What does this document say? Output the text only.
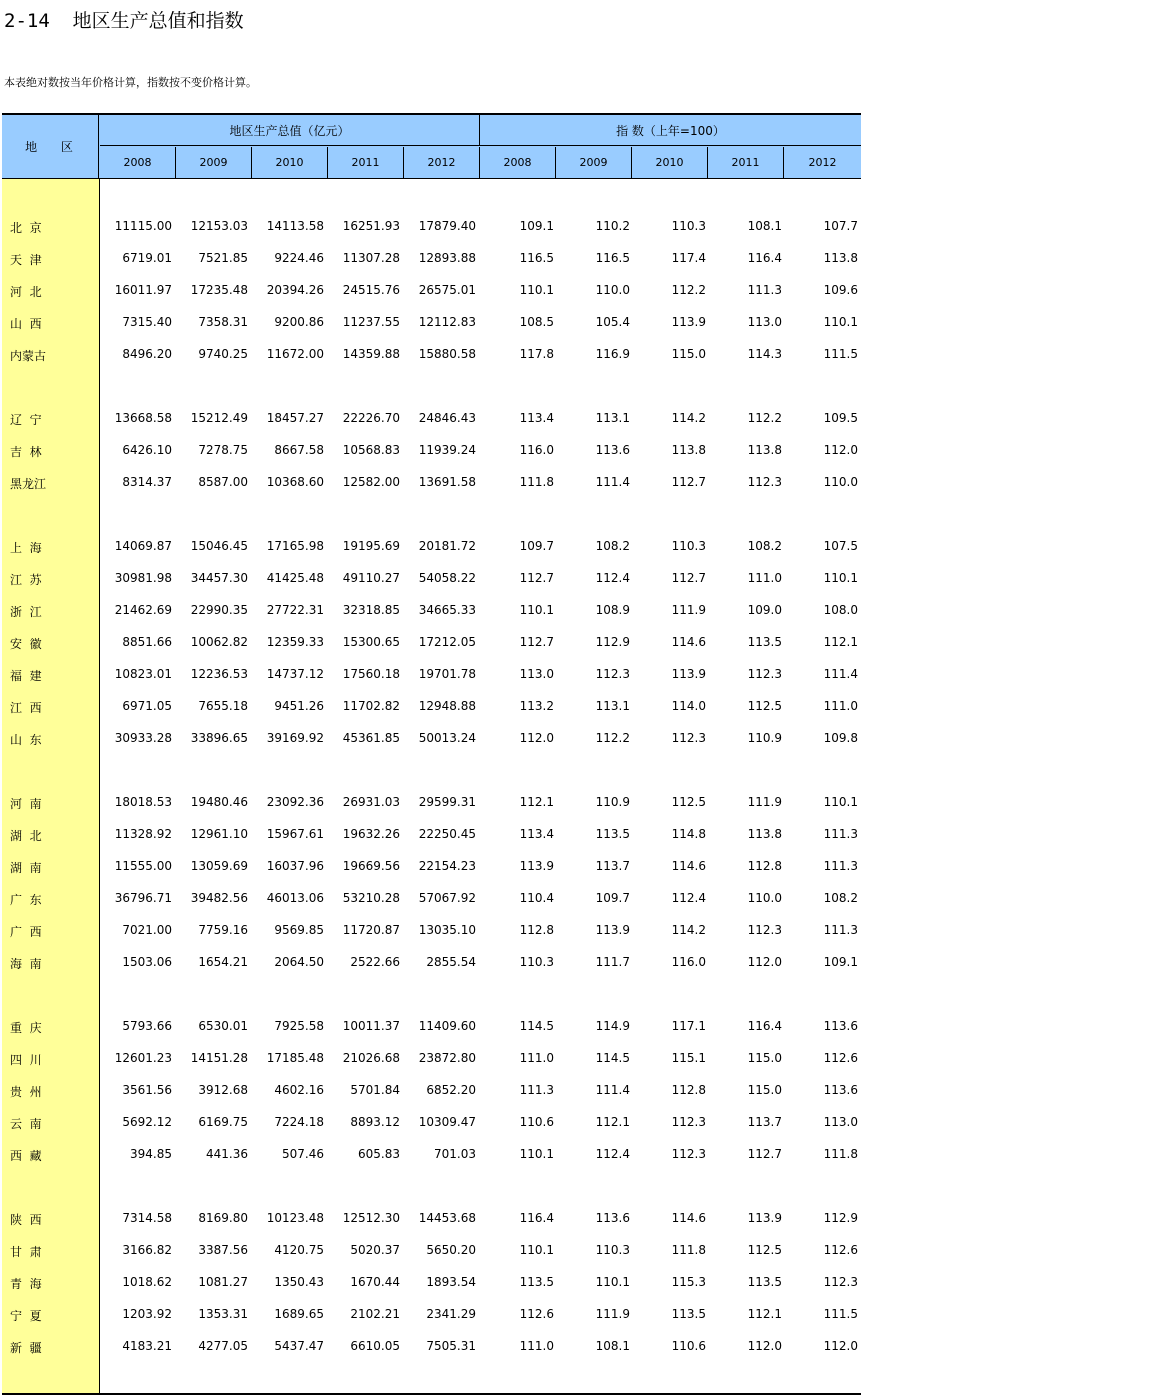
2-14  地区生产总值和指数
本表绝对数按当年价格计算，指数按不变价格计算。
地 区
地区生产总值（亿元）	指 数（上年=100）
2008	2009	2010	2011	2012	2008	2009	2010	2011	2012
北  京	11115.00	12153.03	14113.58	16251.93	17879.40	109.1	110.2	110.3	108.1	107.7
天  津	6719.01	7521.85	9224.46	11307.28	12893.88	116.5	116.5	117.4	116.4	113.8
河  北	16011.97	17235.48	20394.26	24515.76	26575.01	110.1	110.0	112.2	111.3	109.6
山  西	7315.40	7358.31	9200.86	11237.55	12112.83	108.5	105.4	113.9	113.0	110.1
内蒙古	8496.20	9740.25	11672.00	14359.88	15880.58	117.8	116.9	115.0	114.3	111.5
辽  宁	13668.58	15212.49	18457.27	22226.70	24846.43	113.4	113.1	114.2	112.2	109.5
吉  林	6426.10	7278.75	8667.58	10568.83	11939.24	116.0	113.6	113.8	113.8	112.0
黑龙江	8314.37	8587.00	10368.60	12582.00	13691.58	111.8	111.4	112.7	112.3	110.0
上  海	14069.87	15046.45	17165.98	19195.69	20181.72	109.7	108.2	110.3	108.2	107.5
江  苏	30981.98	34457.30	41425.48	49110.27	54058.22	112.7	112.4	112.7	111.0	110.1
浙  江	21462.69	22990.35	27722.31	32318.85	34665.33	110.1	108.9	111.9	109.0	108.0
安  徽	8851.66	10062.82	12359.33	15300.65	17212.05	112.7	112.9	114.6	113.5	112.1
福  建	10823.01	12236.53	14737.12	17560.18	19701.78	113.0	112.3	113.9	112.3	111.4
江  西	6971.05	7655.18	9451.26	11702.82	12948.88	113.2	113.1	114.0	112.5	111.0
山  东	30933.28	33896.65	39169.92	45361.85	50013.24	112.0	112.2	112.3	110.9	109.8
河  南	18018.53	19480.46	23092.36	26931.03	29599.31	112.1	110.9	112.5	111.9	110.1
湖  北	11328.92	12961.10	15967.61	19632.26	22250.45	113.4	113.5	114.8	113.8	111.3
湖  南	11555.00	13059.69	16037.96	19669.56	22154.23	113.9	113.7	114.6	112.8	111.3
广  东	36796.71	39482.56	46013.06	53210.28	57067.92	110.4	109.7	112.4	110.0	108.2
广  西	7021.00	7759.16	9569.85	11720.87	13035.10	112.8	113.9	114.2	112.3	111.3
海  南	1503.06	1654.21	2064.50	2522.66	2855.54	110.3	111.7	116.0	112.0	109.1
重  庆	5793.66	6530.01	7925.58	10011.37	11409.60	114.5	114.9	117.1	116.4	113.6
四  川	12601.23	14151.28	17185.48	21026.68	23872.80	111.0	114.5	115.1	115.0	112.6
贵  州	3561.56	3912.68	4602.16	5701.84	6852.20	111.3	111.4	112.8	115.0	113.6
云  南	5692.12	6169.75	7224.18	8893.12	10309.47	110.6	112.1	112.3	113.7	113.0
西  藏	394.85	441.36	507.46	605.83	701.03	110.1	112.4	112.3	112.7	111.8
陕  西	7314.58	8169.80	10123.48	12512.30	14453.68	116.4	113.6	114.6	113.9	112.9
甘  肃	3166.82	3387.56	4120.75	5020.37	5650.20	110.1	110.3	111.8	112.5	112.6
青  海	1018.62	1081.27	1350.43	1670.44	1893.54	113.5	110.1	115.3	113.5	112.3
宁  夏	1203.92	1353.31	1689.65	2102.21	2341.29	112.6	111.9	113.5	112.1	111.5
新  疆	4183.21	4277.05	5437.47	6610.05	7505.31	111.0	108.1	110.6	112.0	112.0
